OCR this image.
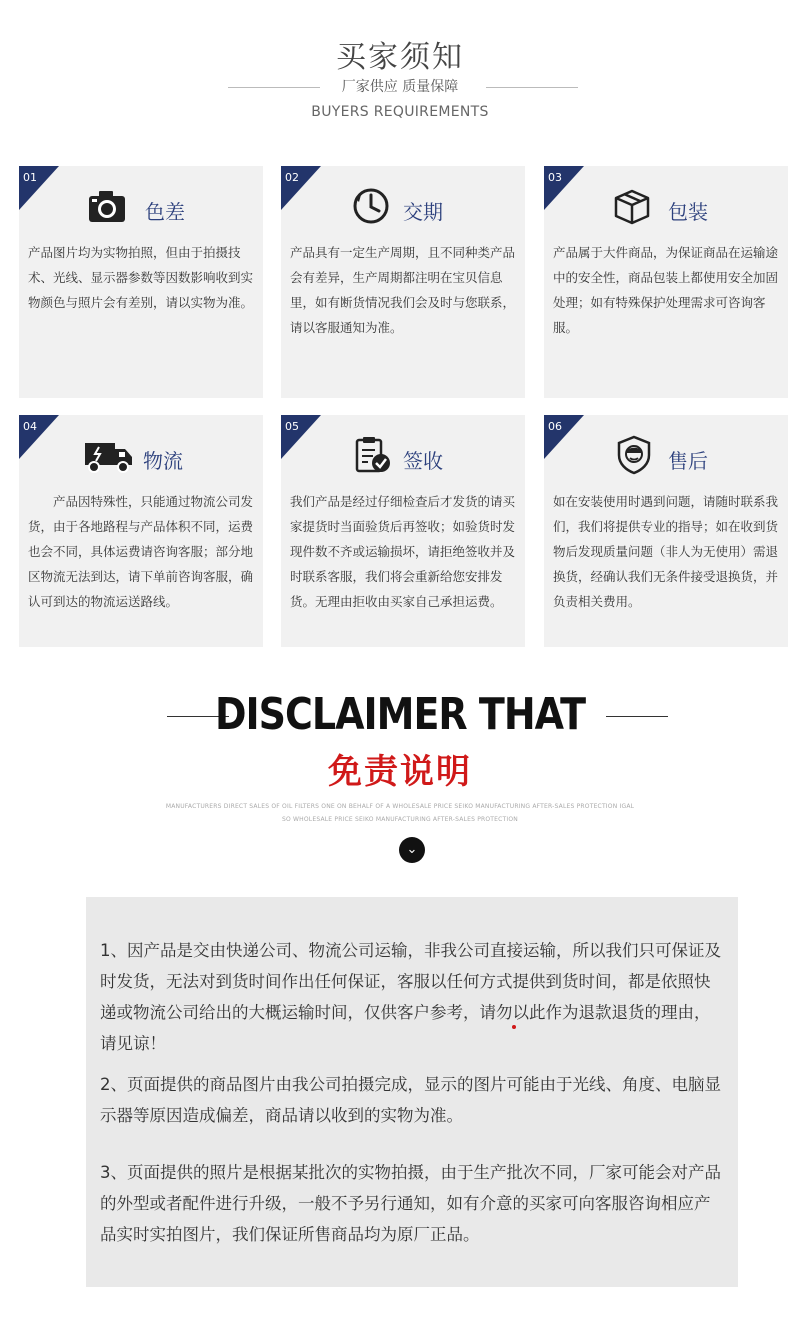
买家须知
厂家供应 质量保障
BUYERS REQUIREMENTS
01
色差
产品图片均为实物拍照，但由于拍摄技术、光线、显示器参数等因数影响收到实物颜色与照片会有差别，请以实物为准。
02
交期
产品具有一定生产周期，且不同种类产品会有差异，生产周期都注明在宝贝信息里，如有断货情况我们会及时与您联系，请以客服通知为准。
03
包装
产品属于大件商品，为保证商品在运输途中的安全性，商品包装上都使用安全加固处理；如有特殊保护处理需求可咨询客服。
04
物流
产品因特殊性，只能通过物流公司发货，由于各地路程与产品体积不同，运费也会不同，具体运费请咨询客服；部分地区物流无法到达，请下单前咨询客服，确认可到达的物流运送路线。
05
签收
我们产品是经过仔细检查后才发货的请买家提货时当面验货后再签收；如验货时发现件数不齐或运输损坏，请拒绝签收并及时联系客服，我们将会重新给您安排发货。无理由拒收由买家自己承担运费。
06
售后
如在安装使用时遇到问题，请随时联系我们，我们将提供专业的指导；如在收到货物后发现质量问题（非人为无使用）需退换货，经确认我们无条件接受退换货，并负责相关费用。
DISCLAIMER THAT
免责说明
MANUFACTURERS DIRECT SALES OF OIL FILTERS ONE ON BEHALF OF A WHOLESALE PRICE SEIKO MANUFACTURING AFTER-SALES PROTECTION IGAL
SO WHOLESALE PRICE SEIKO MANUFACTURING AFTER-SALES PROTECTION
⌄
1、因产品是交由快递公司、物流公司运输，非我公司直接运输，所以我们只可保证及时发货，无法对到货时间作出任何保证，客服以任何方式提供到货时间，都是依照快递或物流公司给出的大概运输时间，仅供客户参考，请勿以此作为退款退货的理由，请见谅！
2、页面提供的商品图片由我公司拍摄完成，显示的图片可能由于光线、角度、电脑显示器等原因造成偏差，商品请以收到的实物为准。
3、页面提供的照片是根据某批次的实物拍摄，由于生产批次不同，厂家可能会对产品的外型或者配件进行升级，一般不予另行通知，如有介意的买家可向客服咨询相应产品实时实拍图片，我们保证所售商品均为原厂正品。
